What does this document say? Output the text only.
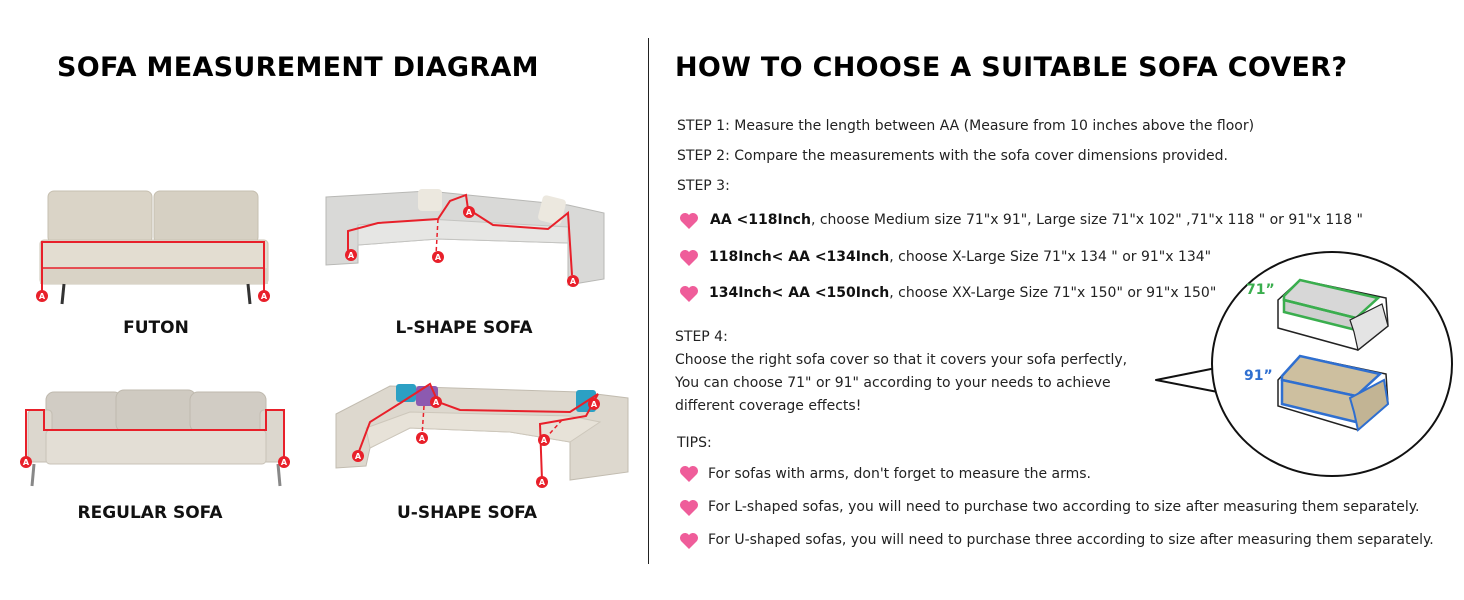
SOFA MEASUREMENT DIAGRAM
A	A
FUTON
A	A
A
A
L-SHAPE SOFA
A	A
REGULAR SOFA
A
A
A
A
A
A
U-SHAPE SOFA
HOW TO CHOOSE A SUITABLE SOFA COVER?
STEP 1: Measure the length between AA (Measure from 10 inches above the floor)
STEP 2: Compare the measurements with the sofa cover dimensions provided.
STEP 3:
AA <118Inch, choose Medium size 71"x 91", Large size 71"x 102" ,71"x 118 " or 91"x 118 "
118Inch< AA <134Inch, choose X-Large Size 71"x 134 " or 91"x 134"
134Inch< AA <150Inch, choose XX-Large Size 71"x 150" or 91"x 150"
STEP 4:
Choose the right sofa cover so that it covers your sofa perfectly,
You can choose 71" or 91" according to your needs to achieve
different coverage effects!
TIPS:
For sofas with arms, don't forget to measure the arms.
For L-shaped sofas, you will need to purchase two according to size after measuring them separately.
For U-shaped sofas, you will need to purchase three according to size after measuring them separately.
71”
91”
